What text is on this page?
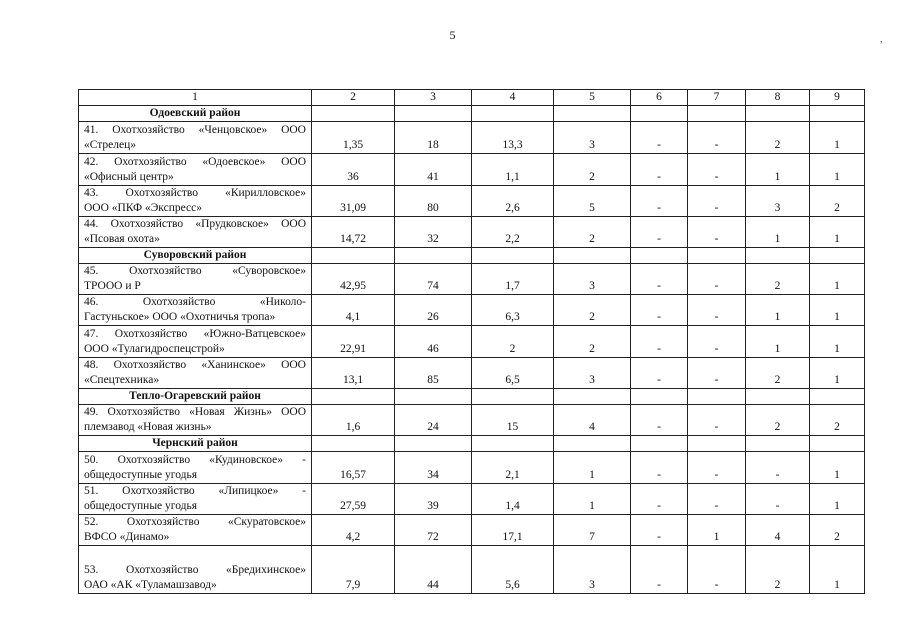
5	,
1	2	3	4	5	6	7	8	9
Одоевский район								

41. Охотхозяйство «Ченцовское» ООО
«Стрелец»	1,35	18	13,3	3	-	-	2	1

42. Охотхозяйство «Одоевское» ООО
«Офисный центр»	36	41	1,1	2	-	-	1	1

43. Охотхозяйство «Кирилловское»
ООО «ПКФ «Экспресс»	31,09	80	2,6	5	-	-	3	2

44. Охотхозяйство «Прудковское» ООО
«Псовая охота»	14,72	32	2,2	2	-	-	1	1
Суворовский район								

45. Охотхозяйство «Суворовское»
ТРООО и Р	42,95	74	1,7	3	-	-	2	1

46. Охотхозяйство «Николо-
Гастуньское» ООО «Охотничья тропа»	4,1	26	6,3	2	-	-	1	1

47. Охотхозяйство «Южно-Ватцевское»
ООО «Тулагидроспецстрой»	22,91	46	2	2	-	-	1	1

48. Охотхозяйство «Ханинское» ООО
«Спецтехника»	13,1	85	6,5	3	-	-	2	1
Тепло-Огаревский район								

49. Охотхозяйство «Новая Жизнь» ООО
племзавод «Новая жизнь»	1,6	24	15	4	-	-	2	2
Чернский район								

50. Охотхозяйство «Кудиновское» -
общедоступные угодья	16,57	34	2,1	1	-	-	-	1

51. Охотхозяйство «Липицкое» -
общедоступные угодья	27,59	39	1,4	1	-	-	-	1

52. Охотхозяйство «Скуратовское»
ВФСО «Динамо»	4,2	72	17,1	7	-	1	4	2

53. Охотхозяйство «Бредихинское»
ОАО «АК «Туламашзавод»	7,9	44	5,6	3	-	-	2	1
